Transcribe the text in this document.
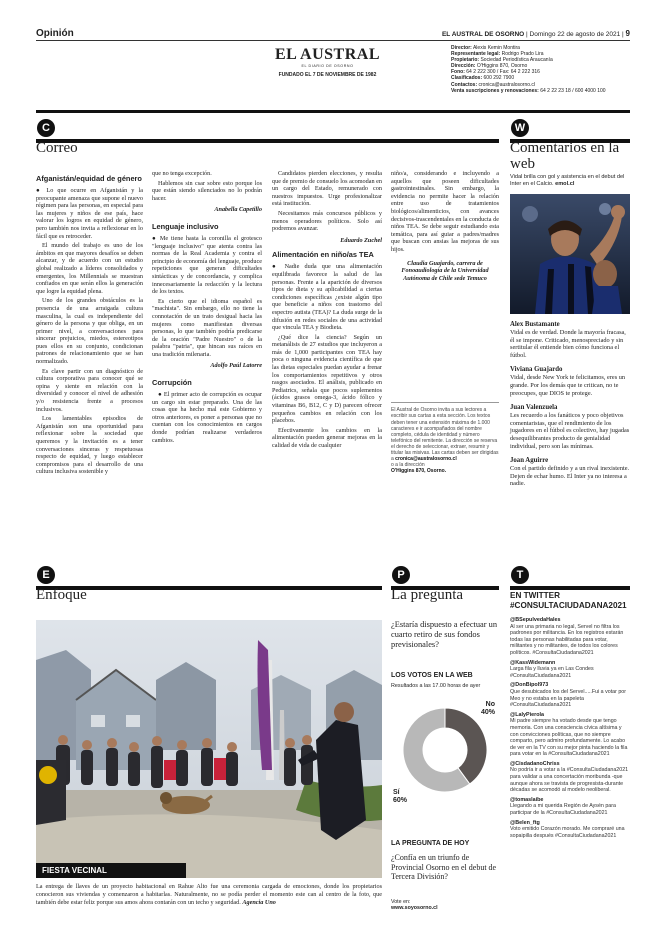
Opinión	EL AUSTRAL DE OSORNO | Domingo 22 de agosto de 2021 | 9
EL AUSTRAL
EL DIARIO DE OSORNO
FUNDADO EL 7 DE NOVIEMBRE DE 1982
Director: Alexis Kemin Montira
Representante legal: Rodrigo Prado Lira
Propietario: Sociedad Periodística Araucanía
Dirección: O'Higgins 870, Osorno
Fono: 64 2 222 300 / Fax: 64 2 222 316
Clasificados: 600 292 7900
Contactos: cronica@australosorno.cl
Venta suscripciones y renovaciones: 64 2 22 23 18 / 600 4000 100
C
Correo
Afganistán/equidad de género

● Lo que ocurre en Afganistán y la preocupante amenaza que supone el nuevo régimen para las personas, en especial para las mujeres y niños de ese país, hace valorar los logros en equidad de género, pero también nos invita a reflexionar en lo fácil que es retroceder.

El mundo del trabajo es uno de los ámbitos en que mayores desafíos se deben alcanzar, y de acuerdo con un estudio global realizado a líderes consolidados y emergentes, los Millennials se muestran confiados en que serán ellos la generación que logre la equidad plena.

Uno de los grandes obstáculos es la presencia de una arraigada cultura masculina, la cual es independiente del género de la persona y que obliga, en un primer nivel, a conversaciones para sincerar prejuicios, miedos, estereotipos pues ellos en su conjunto, condicionan patrones de relacionamiento que se han normalizado.

Es clave partir con un diagnóstico de cultura corporativa para conocer qué se opina y siente en relación con la diversidad y conocer el nivel de adhesión y/o resistencia frente a procesos inclusivos.

Los lamentables episodios de Afganistán son una oportunidad para reflexionar sobre la sociedad que queremos y la invitación es a tener conversaciones sinceras y respetuosas respecto de equidad, y luego establecer compromisos para el desarrollo de una cultura inclusiva sostenible y

que no tenga excepción.

Hablemos sin csar sobre esto porque los que están siendo silenciados no lo podrán hacer.

Anabella Capetillo
Lenguaje inclusivo

● Me tiene hasta la coronilla el grotesco "lenguaje inclusivo" que atenta contra las normas de la Real Academia y contra el principio de economía del lenguaje, produce repeticiones que generan dificultades sintácticas y de concordancia, y complica innecesariamente la redacción y la lectura de los textos.

Es cierto que el idioma español es "machista". Sin embargo, ello no tiene la connotación de un trato desigual hacia las mujeres como manifiestan diversas personas, lo que también podría predicarse de la oración "Padre Nuestro" o de la palabra "patria", que hincan sus raíces en una tradición milenaria.

Adolfo Paúl Latorre
Corrupción

● El primer acto de corrupción es ocupar un cargo sin estar preparado. Una de las cosas que ha hecho mal este Gobierno y otros anteriores, es poner a personas que no cuentan con los conocimientos en cargos donde podrían realizarse verdaderos cambios.

Candidatos pierden elecciones, y resulta que de premio de consuelo los acomodan en un cargo del Estado, remunerado con nuestros impuestos. Urge profesionalizar está institución.

Necesitamos más concursos públicos y menos operadores políticos. Solo así podremos avanzar.

Eduardo Zuchel
Alimentación en niño/as TEA

● Nadie duda que una alimentación equilibrada favorece la salud de las personas. Frente a la aparición de diversos tipos de dieta y su aplicabilidad a ciertas condiciones específicas ¿existe algún tipo que beneficie a niños con trastorno del espectro autista (TEA)? La duda surge de la difusión en redes sociales de una actividad que vincula TEA y Biodieta.

¿Qué dice la ciencia? Según un metanálisis de 27 estudios que incluyeron a más de 1,000 participantes con TEA hay poca o ninguna evidencia científica de que las dietas especiales puedan ayudar a frenar los comportamientos repetitivos y otros rasgos asociados. El análisis, publicado en Pediatrics, señala que pocos suplementos (ácidos grasos omega-3, ácido fólico y vitaminas B6, B12, C y D) parecen ofrecer pequeños cambios en relación con los placebos.

Efectivamente los cambios en la alimentación pueden generar mejoras en la calidad de vida de cualquier

niño/a, considerando e incluyendo a aquellos que poseen dificultades gastrointestinales. Sin embargo, la evidencia no permite hacer la relación entre uso de tratamientos biológicos/alimenticios, con avances decisivos-trascendentales en la conducta de niños TEA. Se debe seguir estudiando esta temática, para así guiar a padres/madres que buscan con ansias las mejoras de sus hijos.

Claudia Guajardo, carrera de Fonoaudiología de la Universidad Autónoma de Chile sede Temuco
El Austral de Osorno invita a sus lectores a escribir sus cartas a esta sección. Los textos deben tener una extensión máxima de 1.000 caracteres e ir acompañados del nombre completo, cédula de identidad y número telefónico del remitente. La dirección se reserva el derecho de seleccionar, extraer, resumir y titular las misivas. Las cartas deben ser dirigidas a cronica@australosorno.cl
o a la dirección
O'Higgins 870, Osorno.
W
Comentarios en la web
Vidal brilla con gol y asistencia en el debut del Inter en el Calcio. emol.cl
Alex Bustamante
Vidal es de verdad. Donde la mayoría fracasa, él se impone. Criticado, menospreciado y sin sertitular él entiende bien cómo funciona el fútbol.
Viviana Guajardo
Vidal, desde New York te felicitamos, eres un grande. Por los demás que te critican, no te preocupes, que DIOS te protege.
Juan Valenzuela
Les recuerdo a los fanáticos y poco objetivos comentaristas, que el rendimiento de los jugadores en el fútbol es colectivo, hay jugadas desequilibrantes producto de genialidad individual, pero son las mínimas.
Joan Aguirre
Con el partido definido y a un rival inexistente. Dejen de echar humo. El Inter ya no interesa a nadie.
E
Enfoque
FIESTA VECINAL
La entrega de llaves de un proyecto habitacional en Rahue Alto fue una ceremonia cargada de emociones, donde los propietarios conocieron sus viviendas y comenzaron a habitarlas. Naturalmente, no se podía perder el momento este can al centro de la foto, que también debe estar feliz porque sus amos ahora contarán con un techo y seguridad. Agencia Uno
P
La pregunta
¿Estaría dispuesto a efectuar un cuarto retiro de sus fondos previsionales?
LOS VOTOS EN LA WEB
Resultados a las 17.00 horas de ayer
No
40%
Sí
60%
LA PREGUNTA DE HOY
¿Confía en un triunfo de Provincial Osorno en el debut de Tercera División?
Vote en:
www.soyosorno.cl
T
EN TWITTER
#CONSULTACIUDADANA2021
@BSepulvedaHales
Al ser una primaria no legal, Servel no filtra los padrones por militancia. En los registros estarán todas las personas habilitadas para votar, militantes y no militantes, de todos los colores políticos. #ConsultaCiudadana2021
@KassWidemann
Larga fila y lluvia ya en Las Condes #ConsultaCiudadana2021
@DonBipol973
Que desubicados los del Servel.....Fui a votar por Meo y no estaba en la papeleta #ConsultaCiudadana2021
@LalyPierola
Mi padre siempre ha votado desde que tengo memoria. Con una consciencia cívica altísima y con convicciones políticas, que no siempre comparto, pero admiro profundamente. Lo acabo de ver en la TV con su mejor pinta haciendo la fila para votar en la #ConsultaCiudadana2021
@CisdadanoChriss
No podría ir a votar a la #ConsultaCiudadana2021 para validar a una concertación moribunda -que aunque ahora se travista de progresista-durante décadas se acomodó al modelo neoliberal.
@tomaslaibe
Llegando a mi querida Región de Aysén para participar de la #ConsultaCiudadana2021
@Belen_ftg
Voto emitido Corazón morado. Me compraré una sopaipilla después #ConsultaCiudadana2021
